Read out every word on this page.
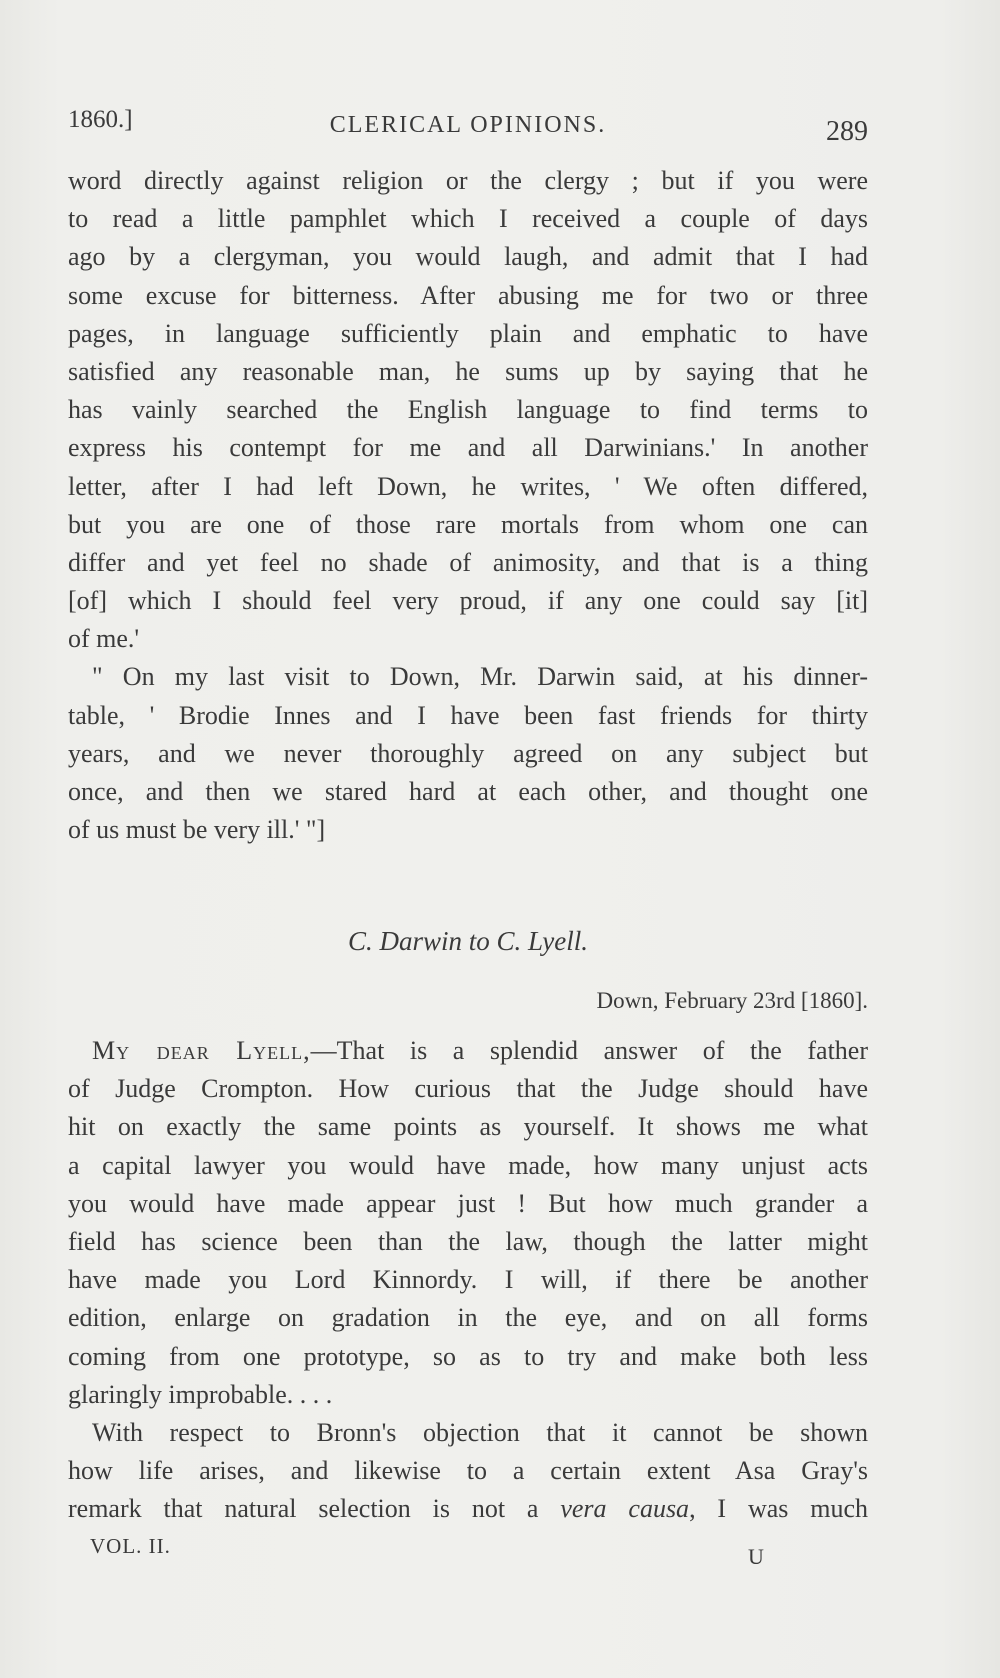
1860.]	CLERICAL OPINIONS.	289
word directly against religion or the clergy ; but if you were
to read a little pamphlet which I received a couple of days
ago by a clergyman, you would laugh, and admit that I had
some excuse for bitterness. After abusing me for two or three
pages, in language sufficiently plain and emphatic to have
satisfied any reasonable man, he sums up by saying that he
has vainly searched the English language to find terms to
express his contempt for me and all Darwinians.' In another
letter, after I had left Down, he writes, ' We often differed,
but you are one of those rare mortals from whom one can
differ and yet feel no shade of animosity, and that is a thing
[of] which I should feel very proud, if any one could say [it]
of me.'
" On my last visit to Down, Mr. Darwin said, at his dinner-
table, ' Brodie Innes and I have been fast friends for thirty
years, and we never thoroughly agreed on any subject but
once, and then we stared hard at each other, and thought one
of us must be very ill.' "]
C. Darwin to C. Lyell.
Down, February 23rd [1860].
My dear Lyell,—That is a splendid answer of the father
of Judge Crompton. How curious that the Judge should have
hit on exactly the same points as yourself. It shows me what
a capital lawyer you would have made, how many unjust acts
you would have made appear just ! But how much grander a
field has science been than the law, though the latter might
have made you Lord Kinnordy. I will, if there be another
edition, enlarge on gradation in the eye, and on all forms
coming from one prototype, so as to try and make both less
glaringly improbable. . . .
With respect to Bronn's objection that it cannot be shown
how life arises, and likewise to a certain extent Asa Gray's
remark that natural selection is not a vera causa, I was much
VOL. II.	U
